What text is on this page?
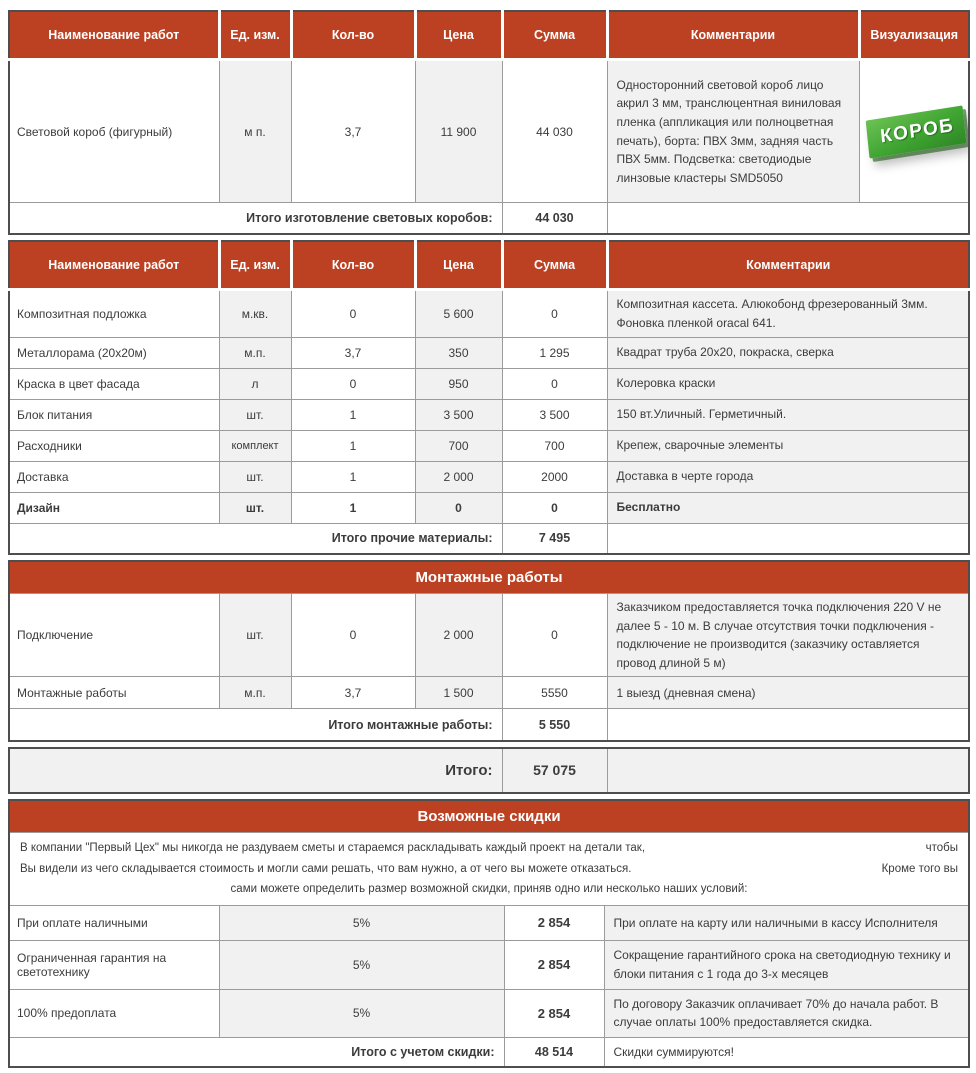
Наименование работ	Ед. изм.	Кол-во	Цена	Сумма	Комментарии	Визуализация
Световой короб (фигурный)	м п.	3,7	11 900	44 030	Односторонний световой короб лицо акрил 3 мм, транслюцентная виниловая пленка (аппликация или полноцветная печать), борта: ПВХ 3мм, задняя часть ПВХ 5мм. Подсветка: светодиодые линзовые кластеры SMD5050	КОРОБ
Итого изготовление световых коробов:				44 030		
Наименование работ	Ед. изм.	Кол-во	Цена	Сумма	Комментарии
Композитная подложка	м.кв.	0	5 600	0	Композитная кассета. Алюкобонд фрезерованный 3мм. Фоновка пленкой oracal 641.
Металлорама (20х20м)	м.п.	3,7	350	1 295	Квадрат труба 20х20, покраска, сверка
Краска в цвет фасада	л	0	950	0	Колеровка краски
Блок питания	шт.	1	3 500	3 500	150 вт.Уличный. Герметичный.
Расходники	комплект	1	700	700	Крепеж, сварочные элементы
Доставка	шт.	1	2 000	2000	Доставка в черте города
Дизайн	шт.	1	0	0	Бесплатно
Итого прочие материалы:				7 495	
Монтажные работы					
Подключение	шт.	0	2 000	0	Заказчиком предоставляется точка подключения 220 V не далее 5 - 10 м. В случае отсутствия точки подключения - подключение не производится (заказчику оставляется провод длиной 5 м)
Монтажные работы	м.п.	3,7	1 500	5550	1 выезд (дневная смена)
Итого монтажные работы:				5 550	
Итого:	57 075	
Возможные скидки			

В компании "Первый Цех" мы никогда не раздуваем сметы и стараемся раскладывать каждый проект на детали так, чтобы
Вы видели из чего складывается стоимость и могли сами решать, что вам нужно, а от чего вы можете отказаться. Кроме того вы
сами можете определить размер возможной скидки, приняв одно или несколько наших условий:			

При оплате наличными	5%	2 854	При оплате на карту или наличными в кассу Исполнителя
Ограниченная гарантия на светотехнику	5%	2 854	Сокращение гарантийного срока на светодиодную технику и блоки питания с 1 года до 3-х месяцев
100% предоплата	5%	2 854	По договору Заказчик оплачивает 70% до начала работ. В случае оплаты 100% предоставляется скидка.
Итого с учетом скидки:		48 514	Скидки суммируются!
